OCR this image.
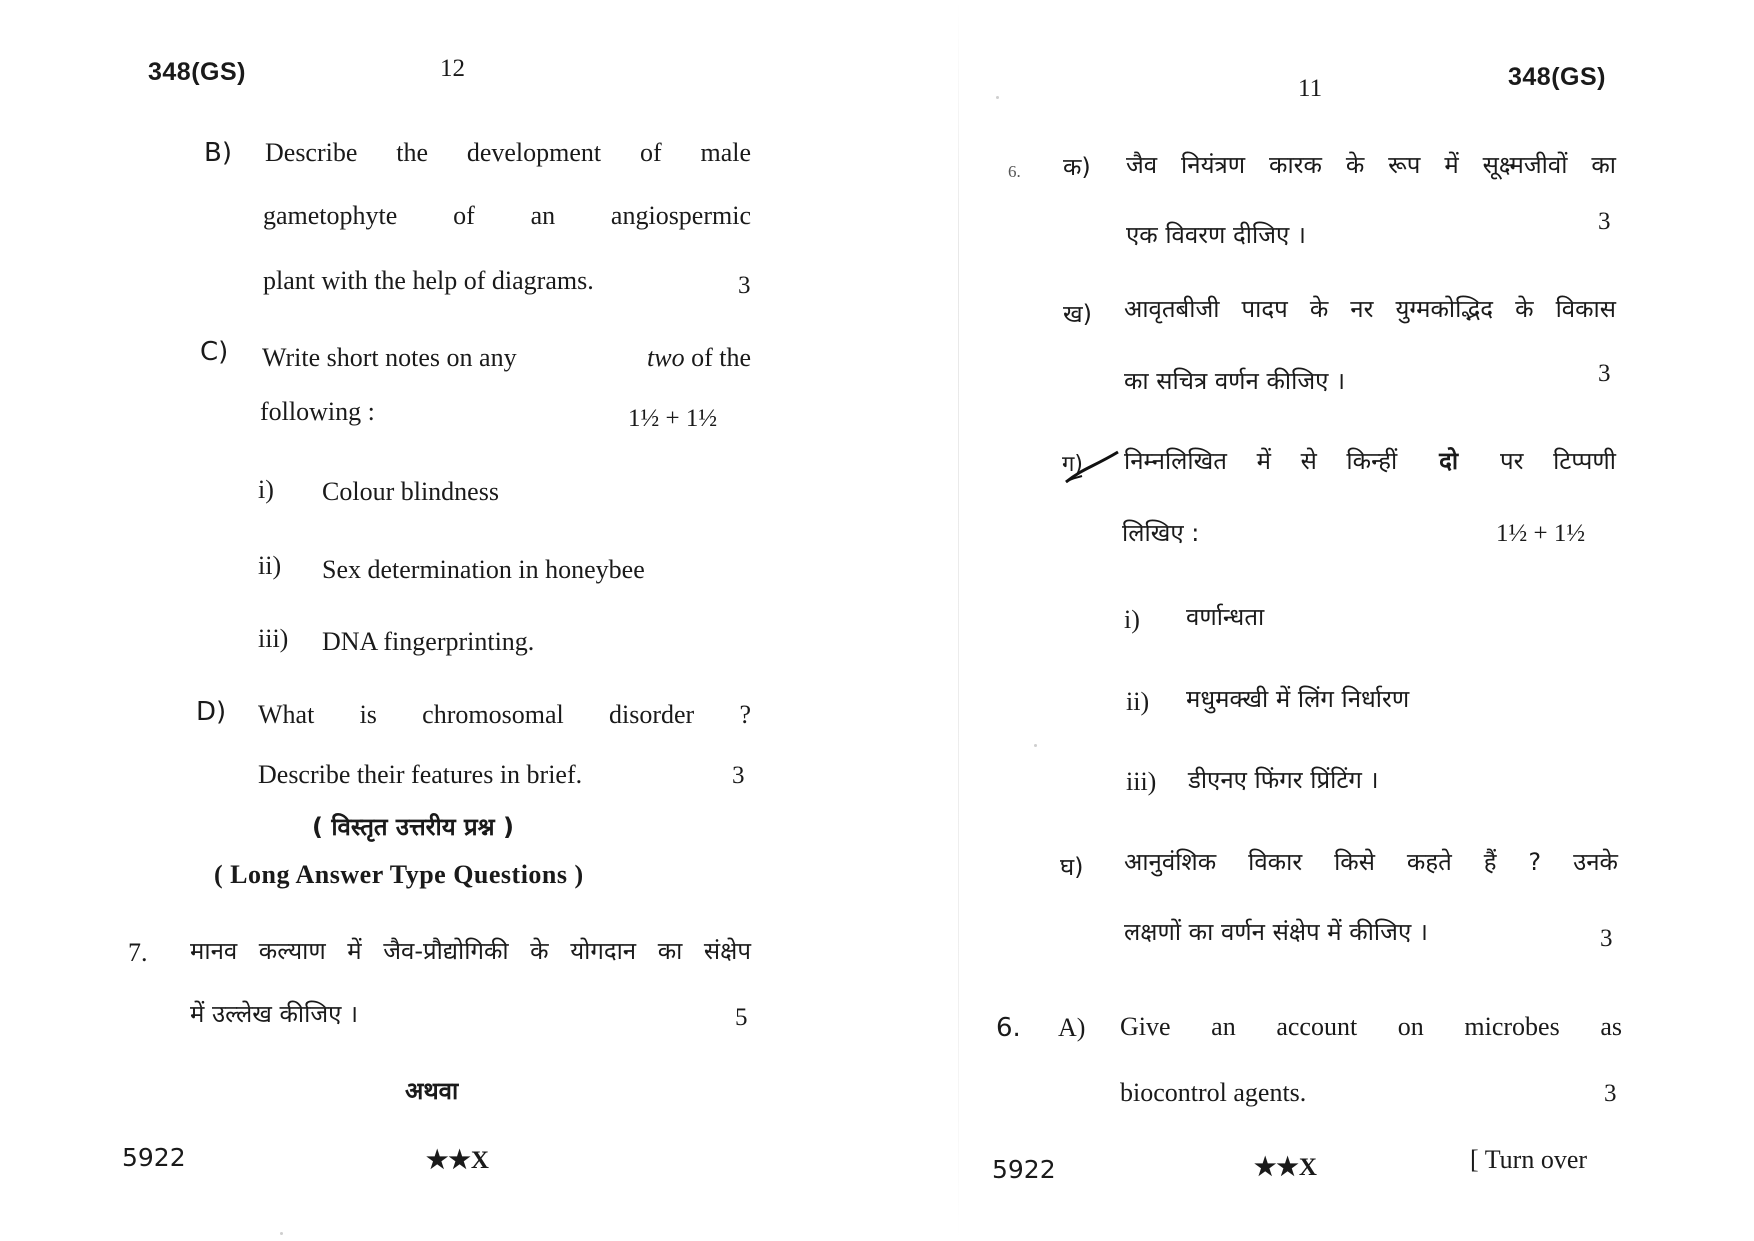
348(GS)	12
B) Describe the development of male
gametophyte of an angiospermic
plant with the help of diagrams.	3
C) Write short notes on any	two of the
following :	1½ + 1½
i) Colour blindness
ii) Sex determination in honeybee
iii) DNA fingerprinting.
D) What is chromosomal disorder ?
Describe their features in brief.	3
( विस्तृत उत्तरीय प्रश्न )
( Long Answer Type Questions )
7. मानव कल्याण में जैव-प्रौद्योगिकी के योगदान का संक्षेप
में उल्लेख कीजिए ।	5
अथवा
5922	★★X
11	348(GS)
6. क) जैव नियंत्रण कारक के रूप में सूक्ष्मजीवों का
एक विवरण दीजिए ।	3
ख) आवृतबीजी पादप के नर युग्मकोद्भिद के विकास
का सचित्र वर्णन कीजिए ।	3
ग) निम्नलिखित में से किन्हीं दो पर टिप्पणी
लिखिए :	1½ + 1½
i) वर्णान्धता
ii) मधुमक्खी में लिंग निर्धारण
iii) डीएनए फिंगर प्रिंटिंग ।
घ) आनुवंशिक विकार किसे कहते हैं ? उनके
लक्षणों का वर्णन संक्षेप में कीजिए ।	3
6. A) Give an account on microbes as
biocontrol agents.	3
5922	★★X	[ Turn over
